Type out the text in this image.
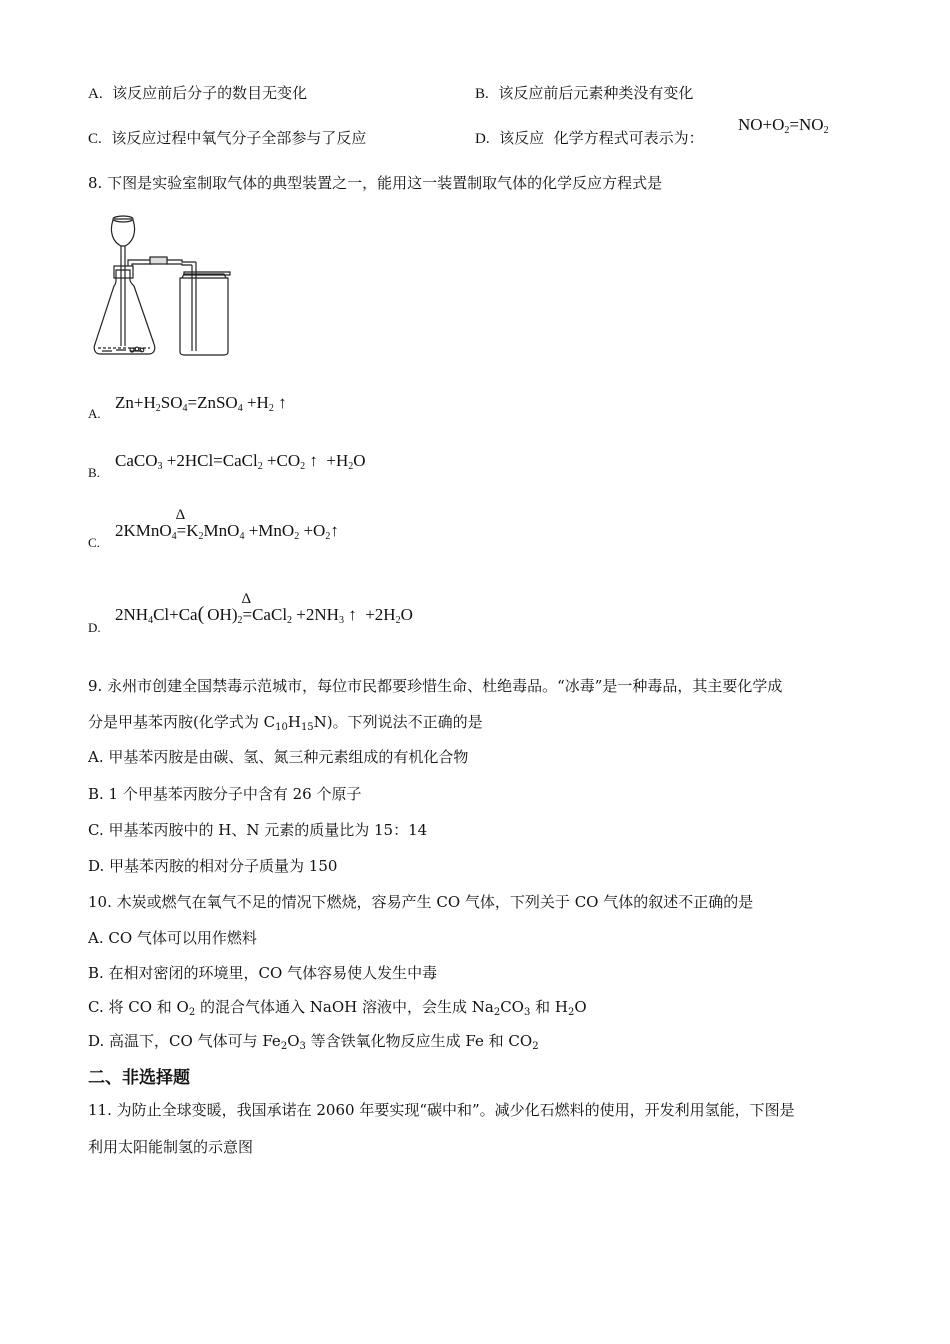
A. 该反应前后分子的数目无变化	B. 该反应前后元素种类没有变化
C. 该反应过程中氧气分子全部参与了反应	D. 该反应  化学方程式可表示为：
$NO+O_2=NO_2$
8. 下图是实验室制取气体的典型装置之一，能用这一装置制取气体的化学反应方程式是
A.
$Zn+H_2SO_4=ZnSO_4 +H_2$ ↑
B.
CaCO$_3$ +2HCl=CaCl$_2$ $+CO_2$ ↑  $+H_2O$
C.
2KMnO$_4$=
Δ
$K_2MnO_4 +MnO_2$ $+O_2↑$
D.
$2NH_4Cl+Ca$( $OH)_2=$
Δ
CaCl$_2$ $+2NH_3$ ↑  $+2H_2O$
9. 永州市创建全国禁毒示范城市，每位市民都要珍惜生命、杜绝毒品。“冰毒”是一种毒品，其主要化学成
分是甲基苯丙胺(化学式为 $C_{10}H_{15}N$)。下列说法不正确的是
A. 甲基苯丙胺是由碳、氢、氮三种元素组成的有机化合物
B. 1 个甲基苯丙胺分子中含有 26 个原子
C. 甲基苯丙胺中的 H、N 元素的质量比为 15：14
D. 甲基苯丙胺的相对分子质量为 150
10. 木炭或燃气在氧气不足的情况下燃烧，容易产生 CO 气体，下列关于 CO 气体的叙述不正确的是
A. CO 气体可以用作燃料
B. 在相对密闭的环境里，CO 气体容易使人发生中毒
C. 将 CO 和 $O_2$ 的混合气体通入 NaOH 溶液中，会生成 $Na_2CO_3$ 和 $H_2O$
D. 高温下，CO 气体可与 $Fe_2O_3$ 等含铁氧化物反应生成 Fe 和 $CO_2$
二、非选择题
11. 为防止全球变暖，我国承诺在 2060 年要实现“碳中和”。减少化石燃料的使用，开发利用氢能，下图是
利用太阳能制氢的示意图
